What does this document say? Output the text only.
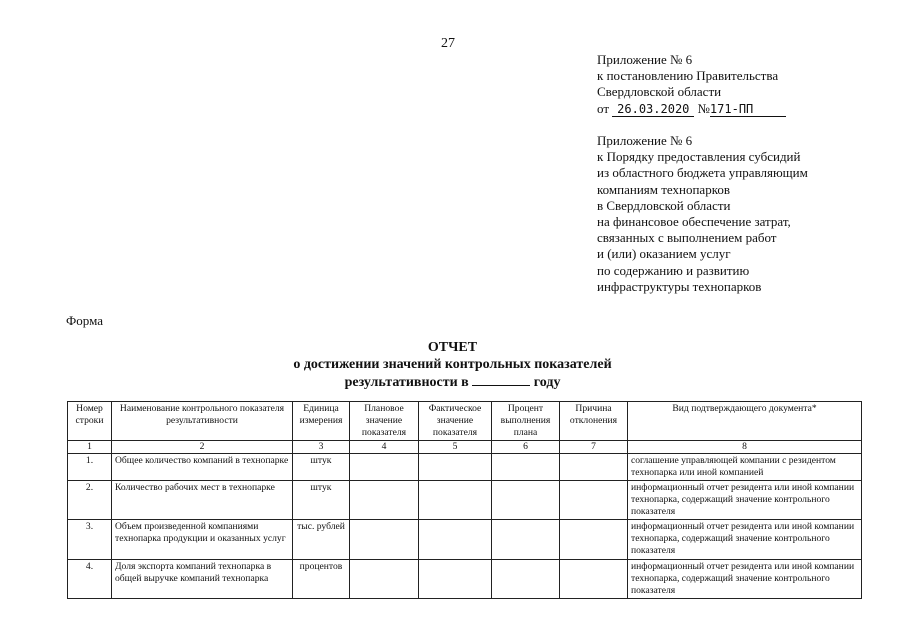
27
Приложение № 6
к постановлению Правительства
Свердловской области
от 26.03.2020 №171-ПП
Приложение № 6
к Порядку предоставления субсидий
из областного бюджета управляющим
компаниям технопарков
в Свердловской области
на финансовое обеспечение затрат,
связанных с выполнением работ
и (или) оказанием услуг
по содержанию и развитию
инфраструктуры технопарков
Форма
ОТЧЕТ
о достижении значений контрольных показателей
результативности в	году
Номер строки	Наименование контрольного показателя результативности	Единица измерения	Плановое значение показателя	Фактическое значение показателя	Процент выполнения плана	Причина отклонения	Вид подтверждающего документа*
1	2	3	4	5	6	7	8
1.	Общее количество компаний в технопарке	штук					соглашение управляющей компании с резидентом технопарка или иной компанией
2.	Количество рабочих мест в технопарке	штук					информационный отчет резидента или иной компании технопарка, содержащий значение контрольного показателя
3.	Объем произведенной компаниями технопарка продукции и оказанных услуг	тыс. рублей					информационный отчет резидента или иной компании технопарка, содержащий значение контрольного показателя
4.	Доля экспорта компаний технопарка в общей выручке компаний технопарка	процентов					информационный отчет резидента или иной компании технопарка, содержащий значение контрольного показателя
